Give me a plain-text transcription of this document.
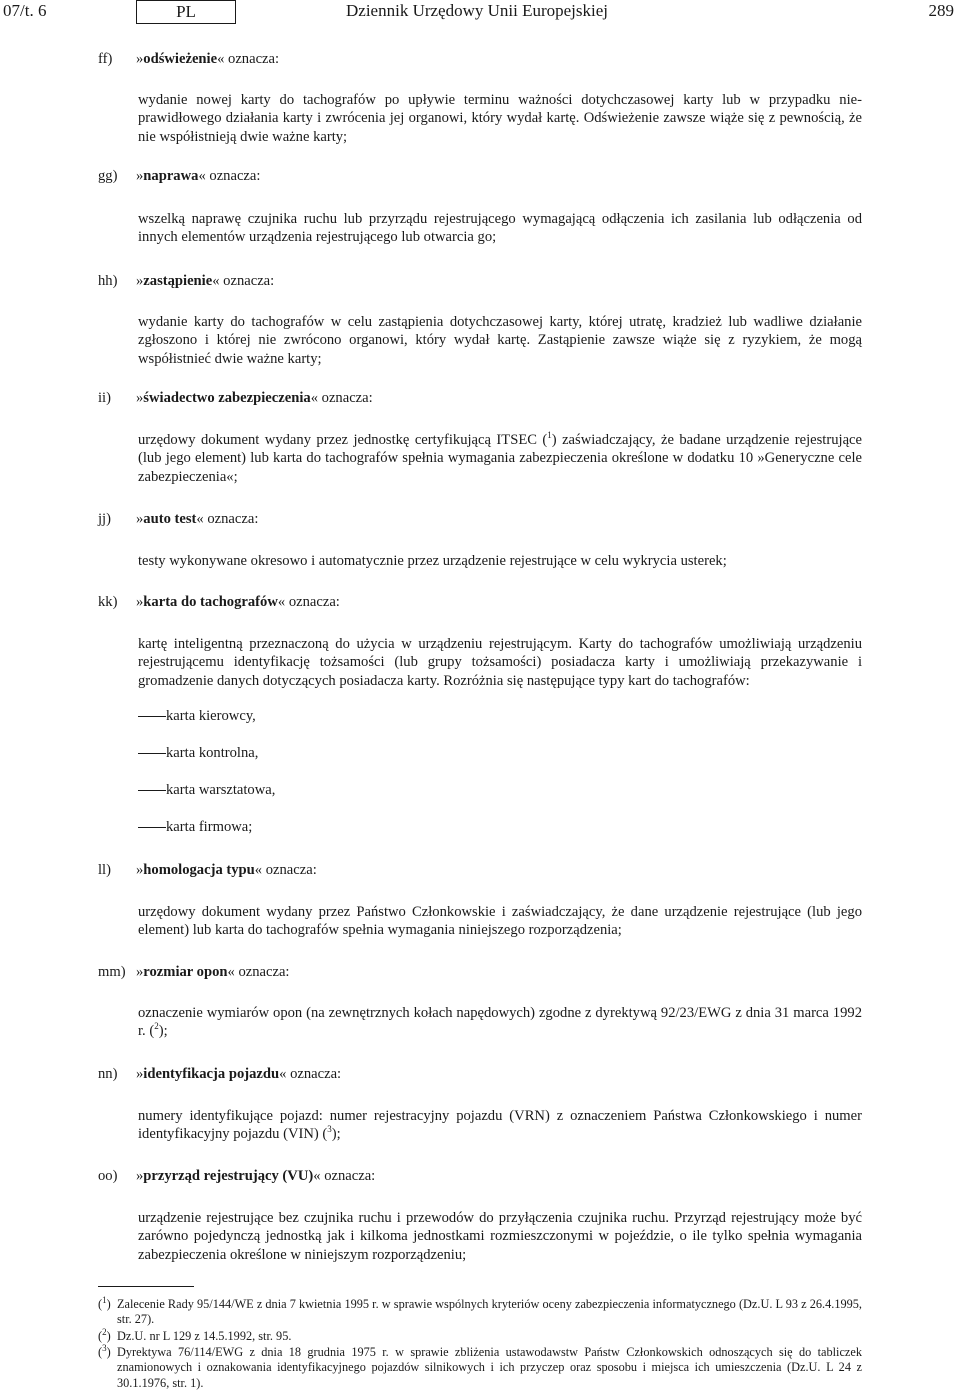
07/t. 6	PL	Dziennik Urzędowy Unii Europejskiej	289
ff) »odświeżenie« oznacza:
wydanie nowej karty do tachografów po upływie terminu ważności dotychczasowej karty lub w przypadku nieprawidłowego działania karty i zwrócenia jej organowi, który wydał kartę. Odświeżenie zawsze wiąże się z pewnością, że nie współistnieją dwie ważne karty;
gg) »naprawa« oznacza:
wszelką naprawę czujnika ruchu lub przyrządu rejestrującego wymagającą odłączenia ich zasilania lub odłączenia od innych elementów urządzenia rejestrującego lub otwarcia go;
hh) »zastąpienie« oznacza:
wydanie karty do tachografów w celu zastąpienia dotychczasowej karty, której utratę, kradzież lub wadliwe działanie zgłoszono i której nie zwrócono organowi, który wydał kartę. Zastąpienie zawsze wiąże się z ryzykiem, że mogą współistnieć dwie ważne karty;
ii) »świadectwo zabezpieczenia« oznacza:
urzędowy dokument wydany przez jednostkę certyfikującą ITSEC ($^1$) zaświadczający, że badane urządzenie rejestrujące (lub jego element) lub karta do tachografów spełnia wymagania zabezpieczenia określone w dodatku 10 »Generyczne cele zabezpieczenia«;
jj) »auto test« oznacza:
testy wykonywane okresowo i automatycznie przez urządzenie rejestrujące w celu wykrycia usterek;
kk) »karta do tachografów« oznacza:
kartę inteligentną przeznaczoną do użycia w urządzeniu rejestrującym. Karty do tachografów umożliwiają urządzeniu rejestrującemu identyfikację tożsamości (lub grupy tożsamości) posiadacza karty i umożliwiają przekazywanie i gromadzenie danych dotyczących posiadacza karty. Rozróżnia się następujące typy kart do tachografów:
karta kierowcy,
karta kontrolna,
karta warsztatowa,
karta firmowa;
ll) »homologacja typu« oznacza:
urzędowy dokument wydany przez Państwo Członkowskie i zaświadczający, że dane urządzenie rejestrujące (lub jego element) lub karta do tachografów spełnia wymagania niniejszego rozporządzenia;
mm) »rozmiar opon« oznacza:
oznaczenie wymiarów opon (na zewnętrznych kołach napędowych) zgodne z dyrektywą 92/23/EWG z dnia 31 marca 1992 r. ($^2$);
nn) »identyfikacja pojazdu« oznacza:
numery identyfikujące pojazd: numer rejestracyjny pojazdu (VRN) z oznaczeniem Państwa Członkowskiego i numer identyfikacyjny pojazdu (VIN) ($^3$);
oo) »przyrząd rejestrujący (VU)« oznacza:
urządzenie rejestrujące bez czujnika ruchu i przewodów do przyłączenia czujnika ruchu. Przyrząd rejestrujący może być zarówno pojedynczą jednostką jak i kilkoma jednostkami rozmieszczonymi w pojeździe, o ile tylko spełnia wymagania zabezpieczenia określone w niniejszym rozporządzeniu;
($^1$) Zalecenie Rady 95/144/WE z dnia 7 kwietnia 1995 r. w sprawie wspólnych kryteriów oceny zabezpieczenia informatycznego (Dz.U. L 93 z 26.4.1995, str. 27).
($^2$) Dz.U. nr L 129 z 14.5.1992, str. 95.
($^3$) Dyrektywa 76/114/EWG z dnia 18 grudnia 1975 r. w sprawie zbliżenia ustawodawstw Państw Członkowskich odnoszących się do tabliczek znamionowych i oznakowania identyfikacyjnego pojazdów silnikowych i ich przyczep oraz sposobu i miejsca ich umieszczenia (Dz.U. L 24 z 30.1.1976, str. 1).
